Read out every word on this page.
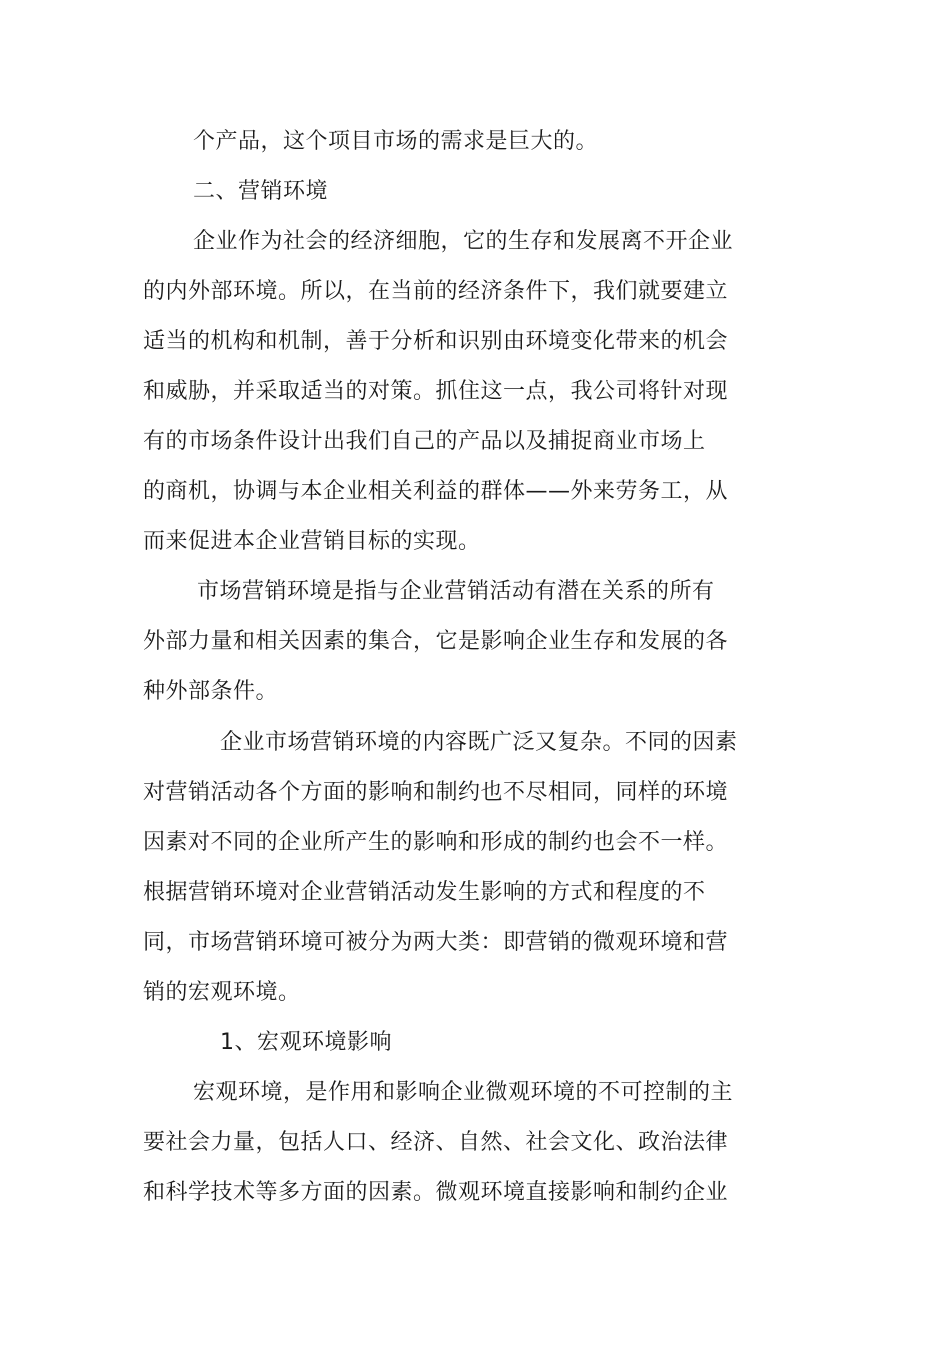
个产品，这个项目市场的需求是巨大的。

二、营销环境

企业作为社会的经济细胞，它的生存和发展离不开企业

的内外部环境。所以，在当前的经济条件下，我们就要建立

适当的机构和机制，善于分析和识别由环境变化带来的机会

和威胁，并采取适当的对策。抓住这一点，我公司将针对现

有的市场条件设计出我们自己的产品以及捕捉商业市场上

的商机，协调与本企业相关利益的群体——外来劳务工，从

而来促进本企业营销目标的实现。

市场营销环境是指与企业营销活动有潜在关系的所有

外部力量和相关因素的集合，它是影响企业生存和发展的各

种外部条件。

企业市场营销环境的内容既广泛又复杂。不同的因素

对营销活动各个方面的影响和制约也不尽相同，同样的环境

因素对不同的企业所产生的影响和形成的制约也会不一样。

根据营销环境对企业营销活动发生影响的方式和程度的不

同，市场营销环境可被分为两大类：即营销的微观环境和营

销的宏观环境。

1、宏观环境影响

宏观环境，是作用和影响企业微观环境的不可控制的主

要社会力量，包括人口、经济、自然、社会文化、政治法律

和科学技术等多方面的因素。微观环境直接影响和制约企业
